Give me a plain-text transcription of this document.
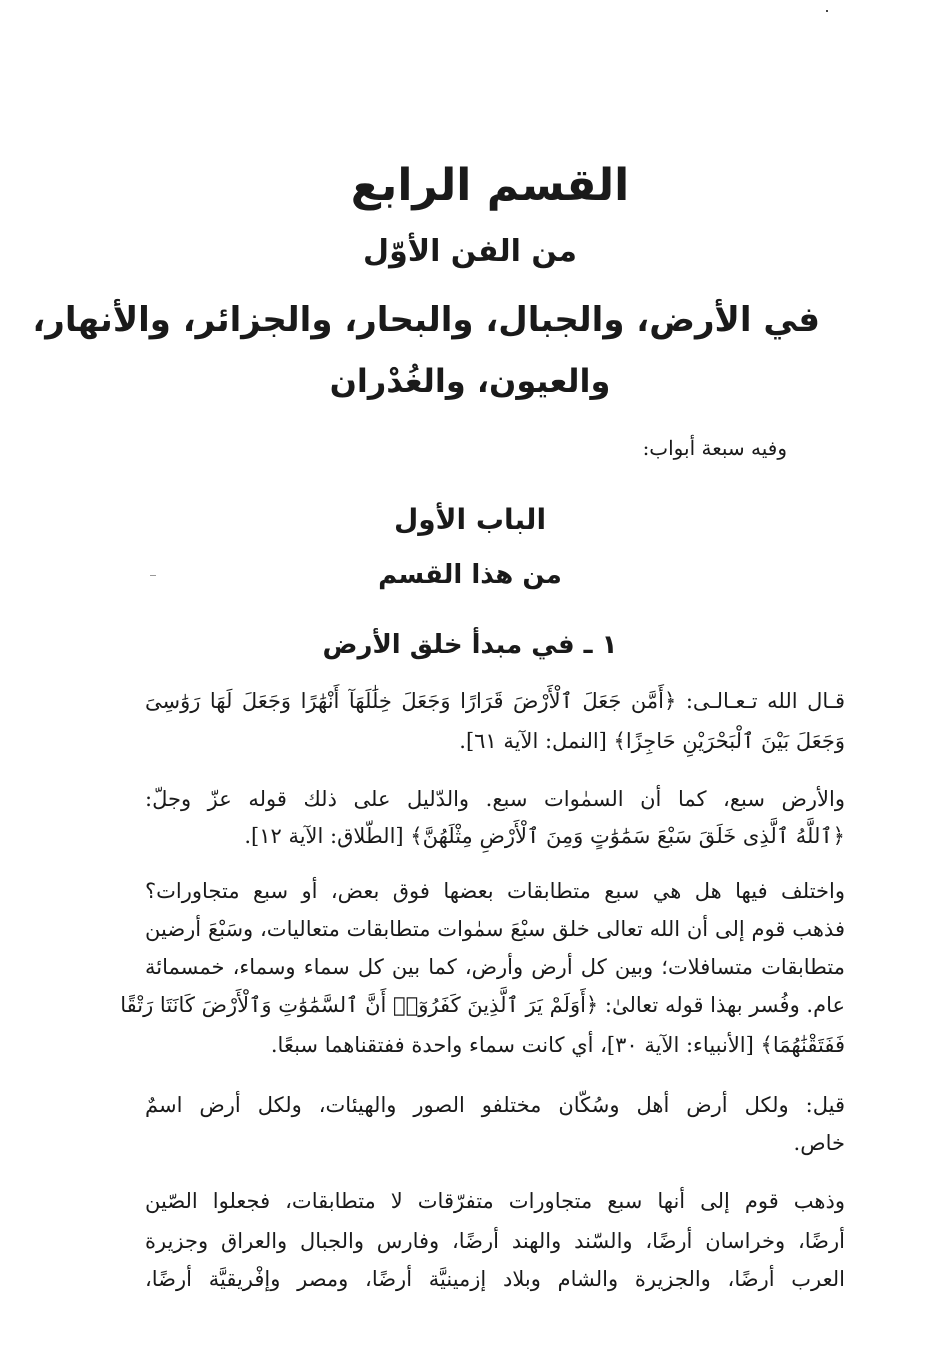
القسم الرابع
من الفن الأوّل
في الأرض، والجبال، والبحار، والجزائر، والأنهار،
والعيون، والغُدْران
وفيه سبعة أبواب:
الباب الأول
من هذا القسم
١ ـ في مبدأ خلق الأرض
قـال الله تـعـالـى: ﴿أَمَّن جَعَلَ ٱلْأَرْضَ قَرَارًا وَجَعَلَ خِلَٰلَهَآ أَنْهَٰرًا وَجَعَلَ لَهَا رَوَٰسِىَ
وَجَعَلَ بَيْنَ ٱلْبَحْرَيْنِ حَاجِزًا﴾ [النمل: الآية ٦١].
والأرض سبع، كما أن السمٰوات سبع. والدّليل على ذلك قوله عزّ وجلّ:
﴿ٱللَّهُ ٱلَّذِى خَلَقَ سَبْعَ سَمَٰوَٰتٍ وَمِنَ ٱلْأَرْضِ مِثْلَهُنَّ﴾ [الطّلاق: الآية ١٢].
واختلف فيها هل هي سبع متطابقات بعضها فوق بعض، أو سبع متجاورات؟
فذهب قوم إلى أن الله تعالى خلق سبْعَ سمٰوات متطابقات متعاليات، وسَبْعَ أرضين
متطابقات متسافلات؛ وبين كل أرض وأرض، كما بين كل سماء وسماء، خمسمائة
عام. وفُسر بهذا قوله تعالىٰ: ﴿أَوَلَمْ يَرَ ٱلَّذِينَ كَفَرُوٓا۟ أَنَّ ٱلسَّمَٰوَٰتِ وَٱلْأَرْضَ كَانَتَا رَتْقًا
فَفَتَقْنَٰهُمَا﴾ [الأنبياء: الآية ٣٠]، أي كانت سماء واحدة ففتقناهما سبعًا.
قيل: ولكل أرض أهل وسُكّان مختلفو الصور والهيئات، ولكل أرض اسمٌ
خاص.
وذهب قوم إلى أنها سبع متجاورات متفرّقات لا متطابقات، فجعلوا الصّين
أرضًا، وخراسان أرضًا، والسّند والهند أرضًا، وفارس والجبال والعراق وجزيرة
العرب أرضًا، والجزيرة والشام وبلاد إزمينيَّة أرضًا، ومصر وإفْريقيَّة أرضًا،
